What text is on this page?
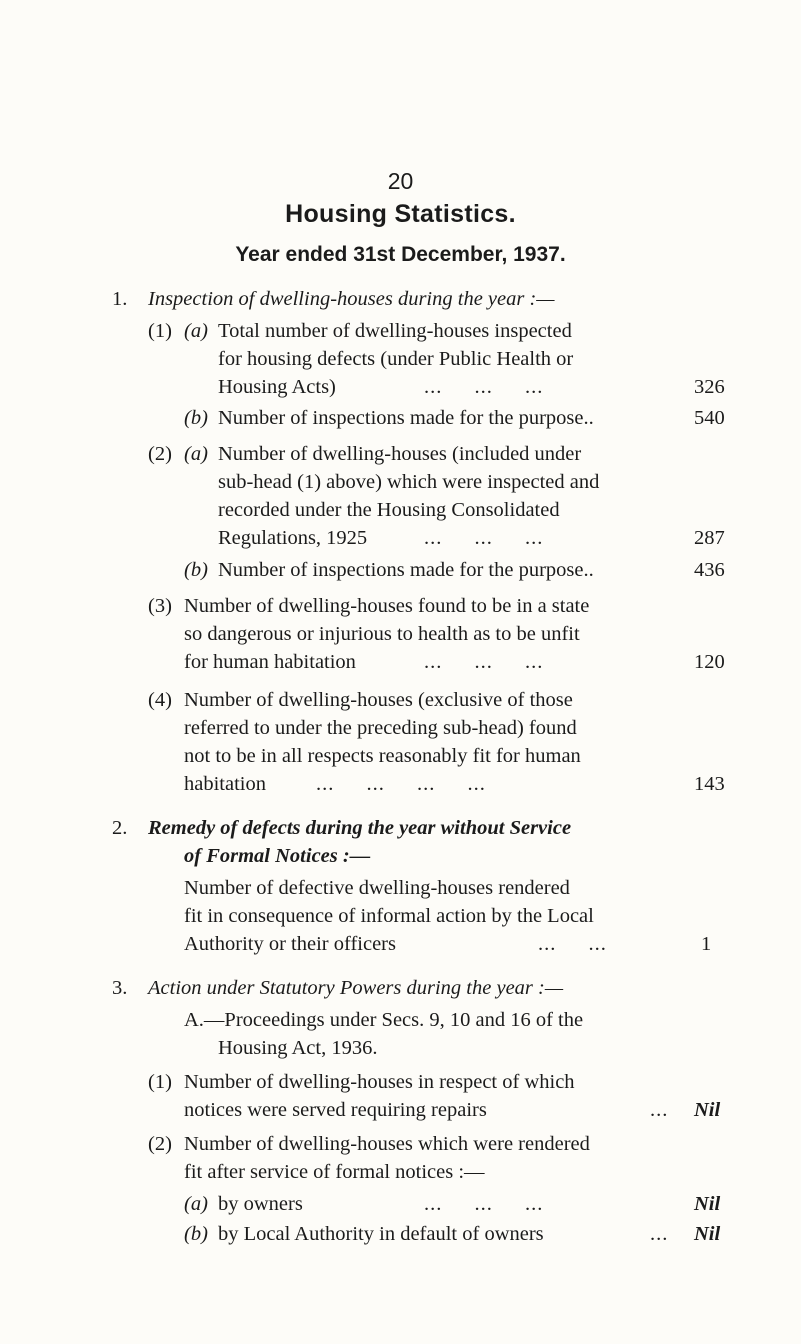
20
Housing Statistics.
Year ended 31st December, 1937.
1. Inspection of dwelling-houses during the year :—
(1) (a) Total number of dwelling-houses inspected
for housing defects (under Public Health or
Housing Acts)	... ... ...	326
(b) Number of inspections made for the purpose..	540
(2) (a) Number of dwelling-houses (included under
sub-head (1) above) which were inspected and
recorded under the Housing Consolidated
Regulations, 1925	... ... ...	287
(b) Number of inspections made for the purpose..	436
(3) Number of dwelling-houses found to be in a state
so dangerous or injurious to health as to be unfit
for human habitation	... ... ...	120
(4) Number of dwelling-houses (exclusive of those
referred to under the preceding sub-head) found
not to be in all respects reasonably fit for human
habitation ... ... ... ...	143
2. Remedy of defects during the year without Service
of Formal Notices :—
Number of defective dwelling-houses rendered
fit in consequence of informal action by the Local
Authority or their officers	... ...	1
3. Action under Statutory Powers during the year :—
A.—Proceedings under Secs. 9, 10 and 16 of the
Housing Act, 1936.
(1) Number of dwelling-houses in respect of which
notices were served requiring repairs	... Nil
(2) Number of dwelling-houses which were rendered
fit after service of formal notices :—
(a) by owners	... ... ...	Nil
(b) by Local Authority in default of owners	... Nil
